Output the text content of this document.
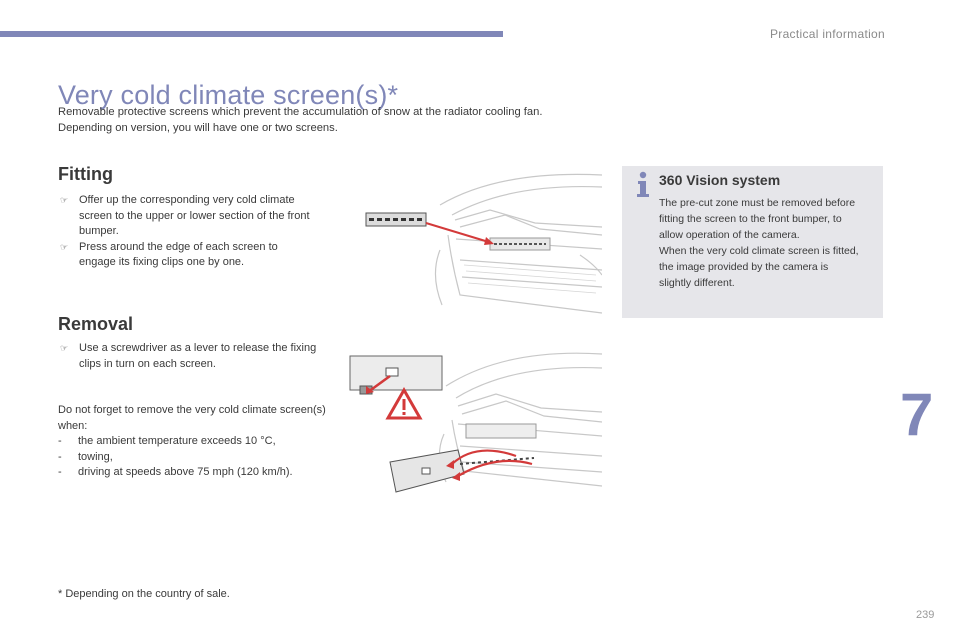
Practical information
Very cold climate screen(s)*

Removable protective screens which prevent the accumulation of snow at the radiator cooling fan.

Depending on version, you will have one or two screens.

Fitting
☞ Offer up the corresponding very cold climate screen to the upper or lower section of the front bumper.
☞ Press around the edge of each screen to engage its fixing clips one by one.
Removal
☞ Use a screwdriver as a lever to release the fixing clips in turn on each screen.

Do not forget to remove the very cold climate screen(s) when:

-	the ambient temperature exceeds 10 °C,
-	towing,
-	driving at speeds above 75 mph (120 km/h).
360 Vision system

The pre-cut zone must be removed before fitting the screen to the front bumper, to allow operation of the camera.

When the very cold climate screen is fitted, the image provided by the camera is slightly different.

7
* Depending on the country of sale.
239
